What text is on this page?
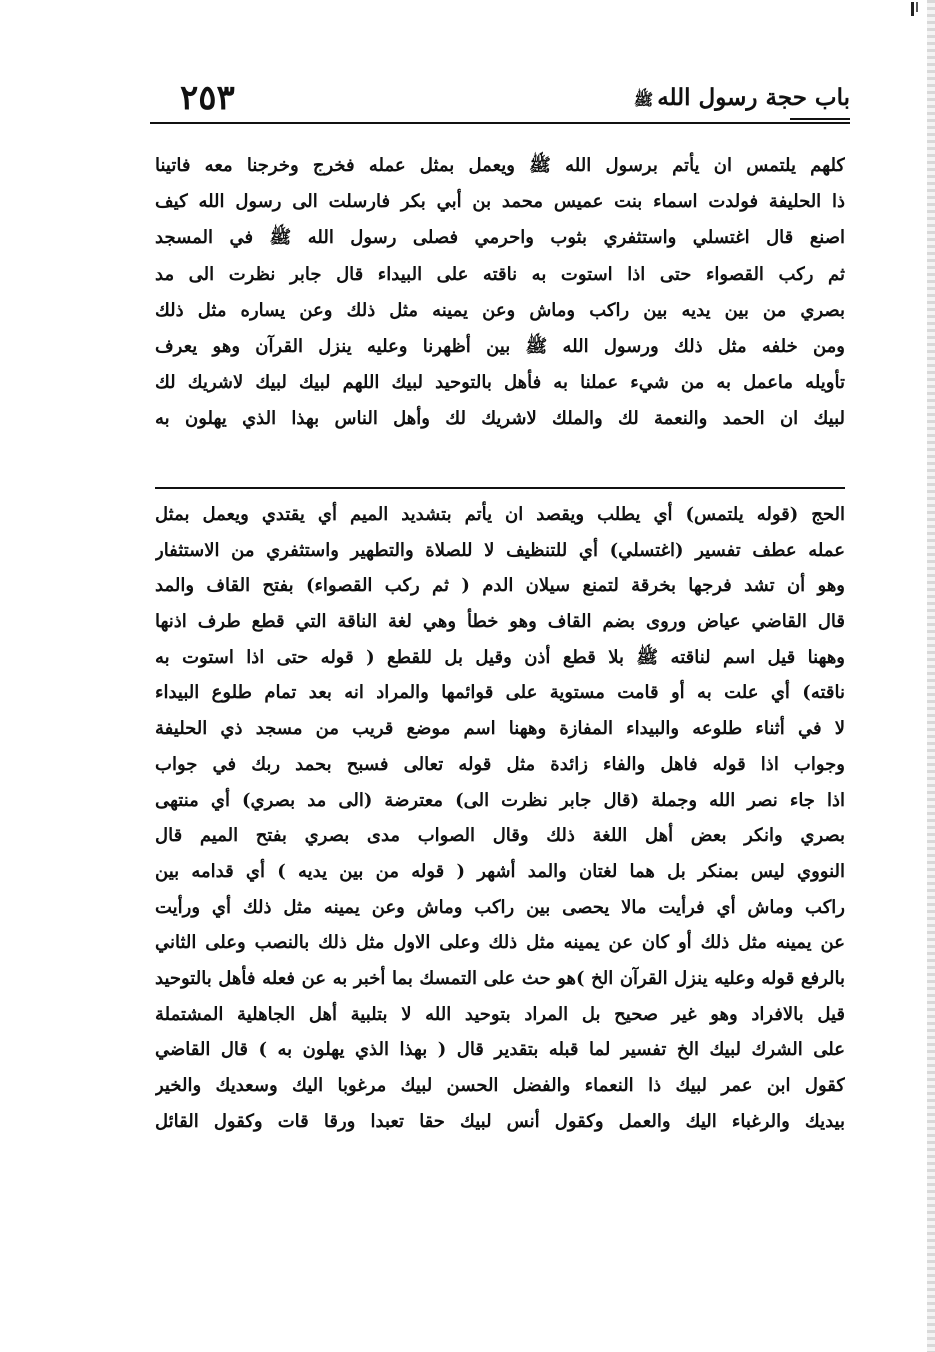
باب حجة رسول اللهﷺ
٢٥٣
كلهم يلتمس ان يأتم برسول الله ﷺ ويعمل بمثل عمله فخرج وخرجنا معه فاتينا
ذا الحليفة فولدت اسماء بنت عميس محمد بن أبي بكر فارسلت الى رسول الله كيف
اصنع قال اغتسلي واستثفري بثوب واحرمي فصلى رسول الله ﷺ في المسجد
ثم ركب القصواء حتى اذا استوت به ناقته على البيداء قال جابر نظرت الى مد
بصري من بين يديه بين راكب وماش وعن يمينه مثل ذلك وعن يساره مثل ذلك
ومن خلفه مثل ذلك ورسول الله ﷺ بين أظهرنا وعليه ينزل القرآن وهو يعرف
تأويله ماعمل به من شيء عملنا به فأهل بالتوحيد لبيك اللهم لبيك لبيك لاشريك لك
لبيك ان الحمد والنعمة لك والملك لاشريك لك وأهل الناس بهذا الذي يهلون به
الحج (قوله يلتمس) أي يطلب ويقصد ان يأتم بتشديد الميم أي يقتدي ويعمل بمثل
عمله عطف تفسير (اغتسلي) أي للتنظيف لا للصلاة والتطهير واستثفري من الاستثفار
وهو أن تشد فرجها بخرقة لتمنع سيلان الدم ( ثم ركب القصواء) بفتح القاف والمد
قال القاضي عياض وروى بضم القاف وهو خطأ وهي لغة الناقة التي قطع طرف اذنها
وههنا قيل اسم لناقته ﷺ بلا قطع أذن وقيل بل للقطع ( قوله حتى اذا استوت به
ناقته) أي علت به أو قامت مستوية على قوائمها والمراد انه بعد تمام طلوع البيداء
لا في أثناء طلوعه والبيداء المفازة وههنا اسم موضع قريب من مسجد ذي الحليفة
وجواب اذا قوله فاهل والفاء زائدة مثل قوله تعالى فسبح بحمد ربك في جواب
اذا جاء نصر الله وجملة (قال جابر نظرت الى) معترضة (الى مد بصري) أي منتهى
بصري وانكر بعض أهل اللغة ذلك وقال الصواب مدى بصري بفتح الميم قال
النووي ليس بمنكر بل هما لغتان والمد أشهر ( قوله من بين يديه ) أي قدامه بين
راكب وماش أي فرأيت مالا يحصى بين راكب وماش وعن يمينه مثل ذلك أي ورأيت
عن يمينه مثل ذلك أو كان عن يمينه مثل ذلك وعلى الاول مثل ذلك بالنصب وعلى الثاني
بالرفع قوله وعليه ينزل القرآن الخ )هو حث على التمسك بما أخبر به عن فعله فأهل بالتوحيد
قيل بالافراد وهو غير صحيح بل المراد بتوحيد الله لا بتلبية أهل الجاهلية المشتملة
على الشرك لبيك الخ تفسير لما قبله بتقدير قال ( بهذا الذي يهلون به ) قال القاضي
كقول ابن عمر لبيك ذا النعماء والفضل الحسن لبيك مرغوبا اليك وسعديك والخير
بيديك والرغباء اليك والعمل وكقول أنس لبيك حقا تعبدا ورقا قات وكقول القائل
